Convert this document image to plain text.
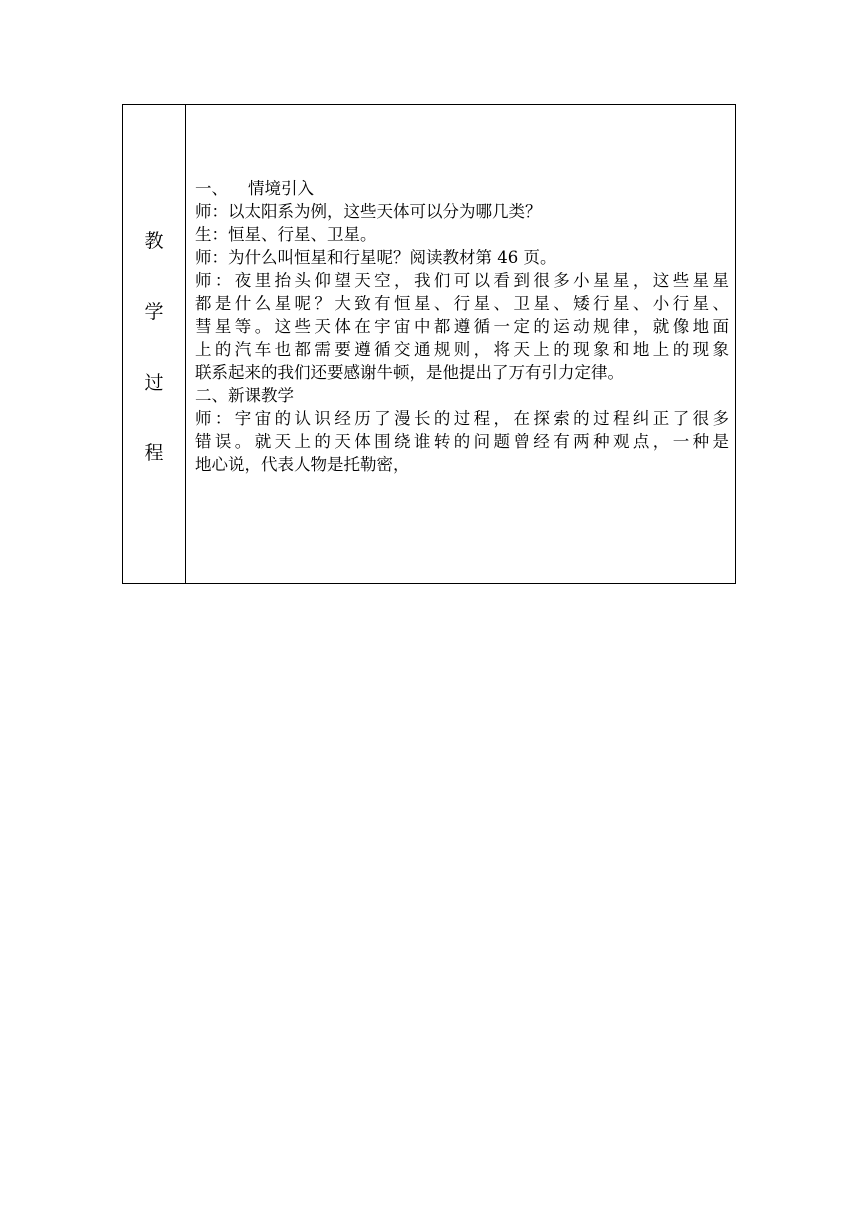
教
学
过
程
一、 情境引入
师：以太阳系为例，这些天体可以分为哪几类？
生：恒星、行星、卫星。
师：为什么叫恒星和行星呢？阅读教材第 46 页。
师：夜里抬头仰望天空，我们可以看到很多小星星，这些星星
都是什么星呢？大致有恒星、行星、卫星、矮行星、小行星、
彗星等。这些天体在宇宙中都遵循一定的运动规律，就像地面
上的汽车也都需要遵循交通规则，将天上的现象和地上的现象
联系起来的我们还要感谢牛顿，是他提出了万有引力定律。
二、新课教学
师：宇宙的认识经历了漫长的过程，在探索的过程纠正了很多
错误。就天上的天体围绕谁转的问题曾经有两种观点，一种是
地心说，代表人物是托勒密，
